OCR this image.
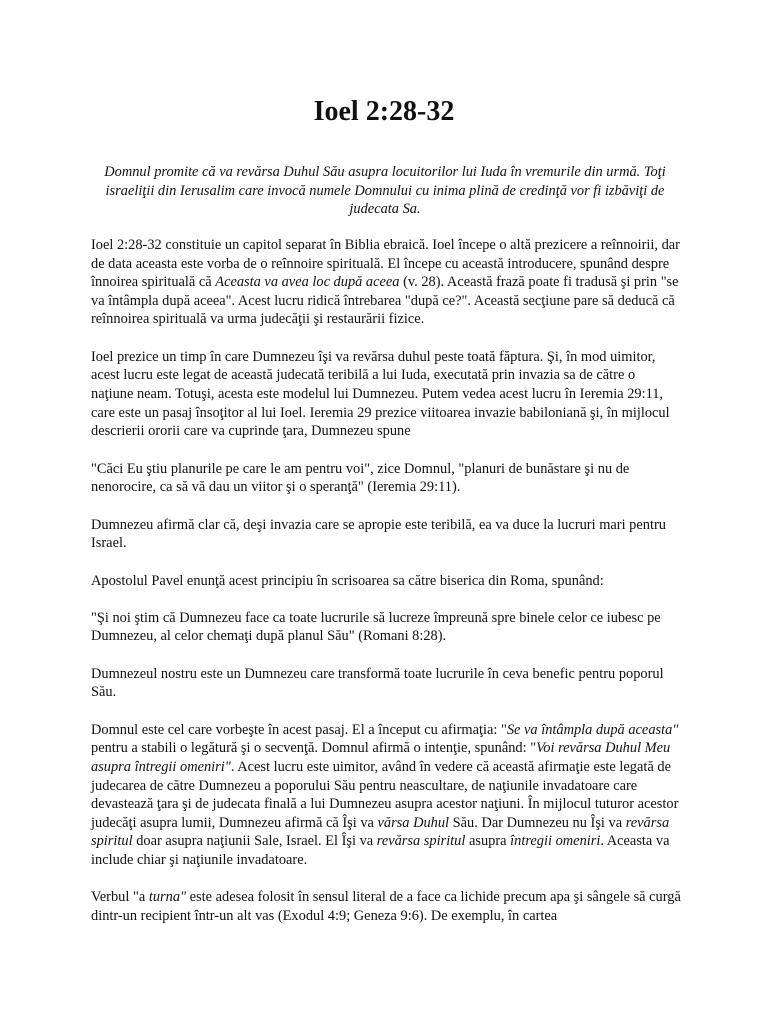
Ioel 2:28-32

Domnul promite că va revărsa Duhul Său asupra locuitorilor lui Iuda în vremurile din urmă. Toţi israeliţii din Ierusalim care invocă numele Domnului cu inima plină de credinţă vor fi izbăviţi de judecata Sa.

Ioel 2:28-32 constituie un capitol separat în Biblia ebraică. Ioel începe o altă prezicere a reînnoirii, dar de data aceasta este vorba de o reînnoire spirituală. El începe cu această introducere, spunând despre înnoirea spirituală că Aceasta va avea loc după aceea (v. 28). Această frază poate fi tradusă şi prin "se va întâmpla după aceea". Acest lucru ridică întrebarea "după ce?". Această secţiune pare să deducă că reînnoirea spirituală va urma judecăţii şi restaurării fizice.

Ioel prezice un timp în care Dumnezeu îşi va revărsa duhul peste toată făptura. Şi, în mod uimitor, acest lucru este legat de această judecată teribilă a lui Iuda, executată prin invazia sa de către o naţiune neam. Totuşi, acesta este modelul lui Dumnezeu. Putem vedea acest lucru în Ieremia 29:11, care este un pasaj însoţitor al lui Ioel. Ieremia 29 prezice viitoarea invazie babiloniană şi, în mijlocul descrierii ororii care va cuprinde ţara, Dumnezeu spune

"Căci Eu ştiu planurile pe care le am pentru voi", zice Domnul, "planuri de bunăstare şi nu de nenorocire, ca să vă dau un viitor şi o speranţă" (Ieremia 29:11).

Dumnezeu afirmă clar că, deşi invazia care se apropie este teribilă, ea va duce la lucruri mari pentru Israel.

Apostolul Pavel enunţă acest principiu în scrisoarea sa către biserica din Roma, spunând:

"Şi noi ştim că Dumnezeu face ca toate lucrurile să lucreze împreună spre binele celor ce iubesc pe Dumnezeu, al celor chemaţi după planul Său" (Romani 8:28).

Dumnezeul nostru este un Dumnezeu care transformă toate lucrurile în ceva benefic pentru poporul Său.

Domnul este cel care vorbeşte în acest pasaj. El a început cu afirmaţia: "Se va întâmpla după aceasta" pentru a stabili o legătură şi o secvenţă. Domnul afirmă o intenţie, spunând: "Voi revărsa Duhul Meu asupra întregii omeniri". Acest lucru este uimitor, având în vedere că această afirmaţie este legată de judecarea de către Dumnezeu a poporului Său pentru neascultare, de naţiunile invadatoare care devastează ţara şi de judecata finală a lui Dumnezeu asupra acestor naţiuni. În mijlocul tuturor acestor judecăţi asupra lumii, Dumnezeu afirmă că Îşi va vărsa Duhul Său. Dar Dumnezeu nu Îşi va revărsa spiritul doar asupra naţiunii Sale, Israel. El Îşi va revărsa spiritul asupra întregii omeniri. Aceasta va include chiar şi naţiunile invadatoare.

Verbul "a turna" este adesea folosit în sensul literal de a face ca lichide precum apa şi sângele să curgă dintr-un recipient într-un alt vas (Exodul 4:9; Geneza 9:6). De exemplu, în cartea
